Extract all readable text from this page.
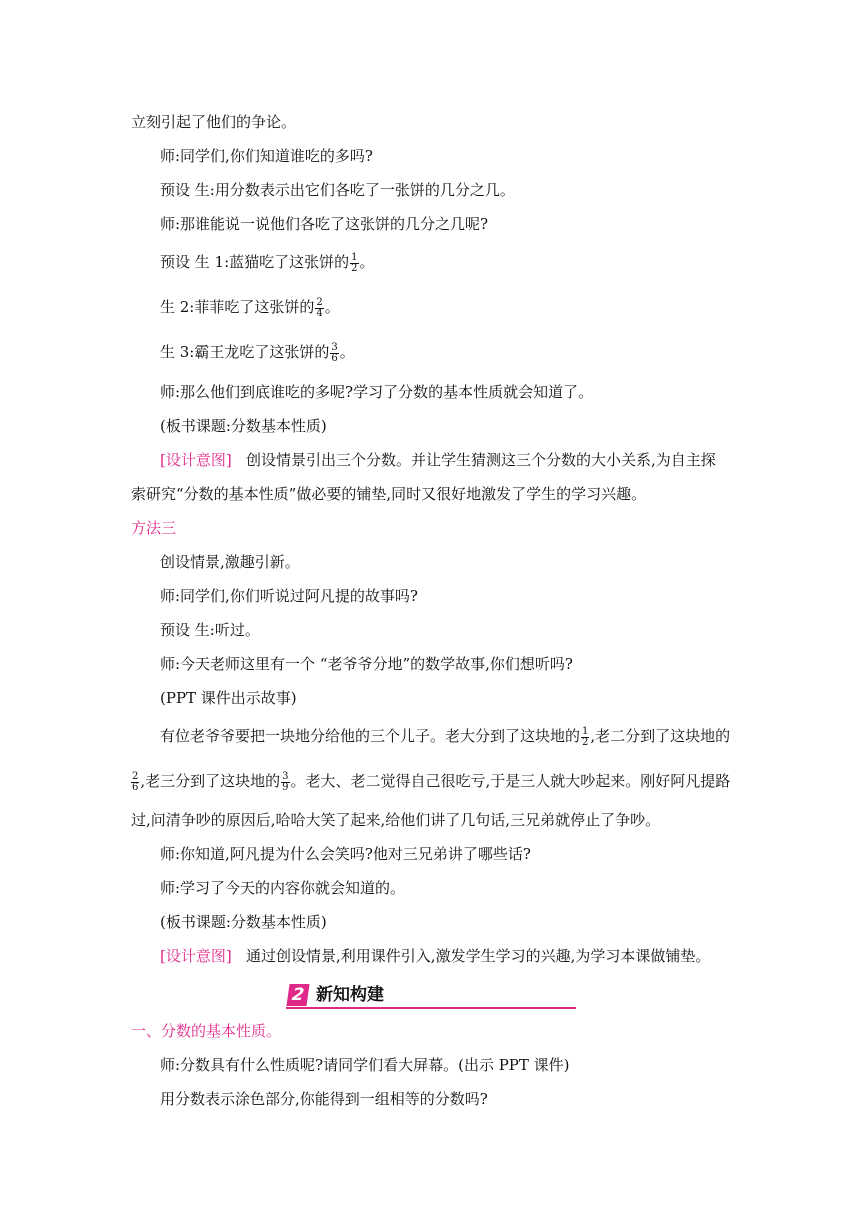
立刻引起了他们的争论。
师:同学们,你们知道谁吃的多吗?
预设 生:用分数表示出它们各吃了一张饼的几分之几。
师:那谁能说一说他们各吃了这张饼的几分之几呢?
预设 生 1:蓝猫吃了这张饼的 $\frac{1}{2}$ 。
生 2:菲菲吃了这张饼的 $\frac{2}{4}$ 。
生 3:霸王龙吃了这张饼的 $\frac{3}{6}$ 。
师:那么他们到底谁吃的多呢?学习了分数的基本性质就会知道了。
(板书课题:分数基本性质)
[设计意图] 创设情景引出三个分数。并让学生猜测这三个分数的大小关系,为自主探
索研究“分数的基本性质”做必要的铺垫,同时又很好地激发了学生的学习兴趣。
方法三
创设情景,激趣引新。
师:同学们,你们听说过阿凡提的故事吗?
预设 生:听过。
师:今天老师这里有一个 “老爷爷分地”的数学故事,你们想听吗?
(PPT 课件出示故事)
有位老爷爷要把一块地分给他的三个儿子。老大分到了这块地的 $\frac{1}{2}$ ,老二分到了这块地的
$\frac{2}{6}$ ,老三分到了这块地的 $\frac{3}{9}$ 。老大、老二觉得自己很吃亏,于是三人就大吵起来。刚好阿凡提路
过,问清争吵的原因后,哈哈大笑了起来,给他们讲了几句话,三兄弟就停止了争吵。
师:你知道,阿凡提为什么会笑吗?他对三兄弟讲了哪些话?
师:学习了今天的内容你就会知道的。
(板书课题:分数基本性质)
[设计意图] 通过创设情景,利用课件引入,激发学生学习的兴趣,为学习本课做铺垫。
2 新知构建
一、分数的基本性质。
师:分数具有什么性质呢?请同学们看大屏幕。(出示 PPT 课件)
用分数表示涂色部分,你能得到一组相等的分数吗?
